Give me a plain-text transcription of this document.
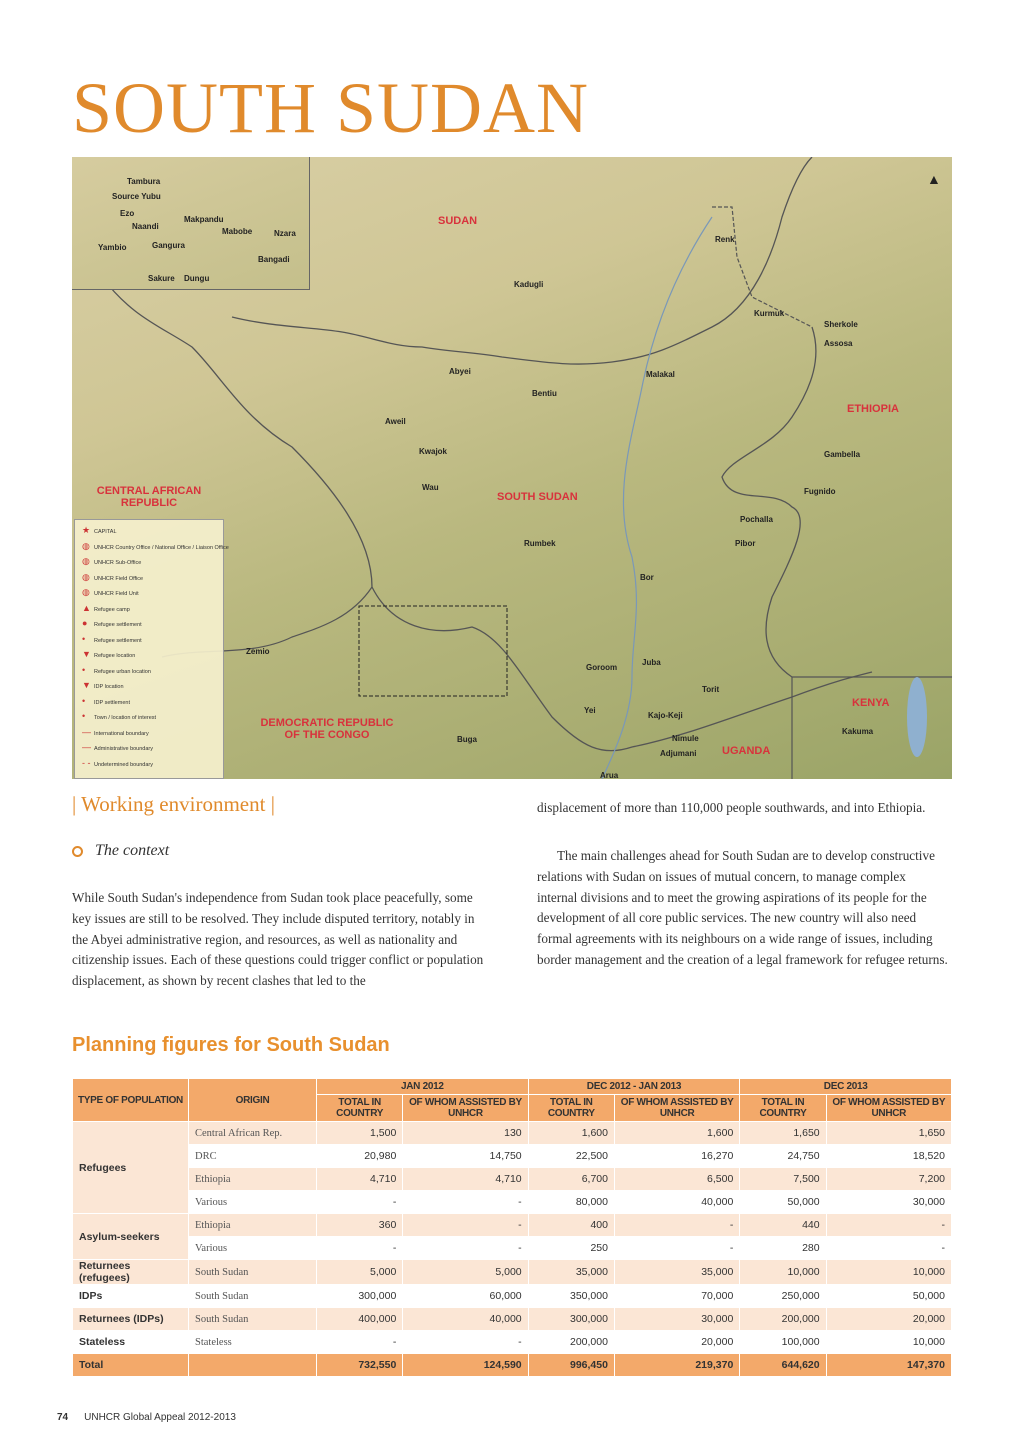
SOUTH SUDAN
SUDAN
ETHIOPIA
SOUTH SUDAN
CENTRAL AFRICAN REPUBLIC
DEMOCRATIC REPUBLIC OF THE CONGO
KENYA
UGANDA
Renk
Kadugli
Kurmuk
Sherkole
Assosa
Abyei
Bentiu
Malakal
Aweil
Kwajok	Gambella
Wau	Fugnido
Pochalla
Pibor
Rumbek
Bor
Zemio
Goroom
Juba
Torit
Yei
Kajo-Keji
Nimule
Adjumani
Buga
Arua
Kakuma
Tambura
Source Yubu
Ezo
Naandi
Makpandu
Mabobe	Nzara
Yambio	Gangura
Bangadi
Sakure Dungu
▲
★ CAPITAL
◍ UNHCR Country Office / National Office / Liaison Office
◍ UNHCR Sub-Office
◍ UNHCR Field Office
◍ UNHCR Field Unit
▲ Refugee camp
● Refugee settlement
• Refugee settlement
▼ Refugee location
• Refugee urban location
▼ IDP location
• IDP settlement
• Town / location of interest
— International boundary
— Administrative boundary
- - Undetermined boundary
| Working environment |
The context

While South Sudan's independence from Sudan took place peacefully, some key issues are still to be resolved. They include disputed territory, notably in the Abyei administrative region, and resources, as well as nationality and citizenship issues. Each of these questions could trigger conflict or population displacement, as shown by recent clashes that led to the

displacement of more than 110,000 people southwards, and into Ethiopia.

The main challenges ahead for South Sudan are to develop constructive relations with Sudan on issues of mutual concern, to manage complex internal divisions and to meet the growing aspirations of its people for the development of all core public services. The new country will also need formal agreements with its neighbours on a wide range of issues, including border management and the creation of a legal framework for refugee returns.

Planning figures for South Sudan
TYPE OF POPULATION	ORIGIN	JAN 2012		DEC 2012 - JAN 2013		DEC 2013	
		TOTAL IN COUNTRY	OF WHOM ASSISTED BY UNHCR	TOTAL IN COUNTRY	OF WHOM ASSISTED BY UNHCR	TOTAL IN COUNTRY	OF WHOM ASSISTED BY UNHCR
Refugees	Central African Rep.	1,500	130	1,600	1,600	1,650	1,650
	DRC	20,980	14,750	22,500	16,270	24,750	18,520
	Ethiopia	4,710	4,710	6,700	6,500	7,500	7,200
	Various	-	-	80,000	40,000	50,000	30,000
Asylum-seekers	Ethiopia	360	-	400	-	440	-
	Various	-	-	250	-	280	-
Returnees (refugees)	South Sudan	5,000	5,000	35,000	35,000	10,000	10,000
IDPs	South Sudan	300,000	60,000	350,000	70,000	250,000	50,000
Returnees (IDPs)	South Sudan	400,000	40,000	300,000	30,000	200,000	20,000
Stateless	Stateless	-	-	200,000	20,000	100,000	10,000
Total		732,550	124,590	996,450	219,370	644,620	147,370
74 UNHCR Global Appeal 2012-2013
